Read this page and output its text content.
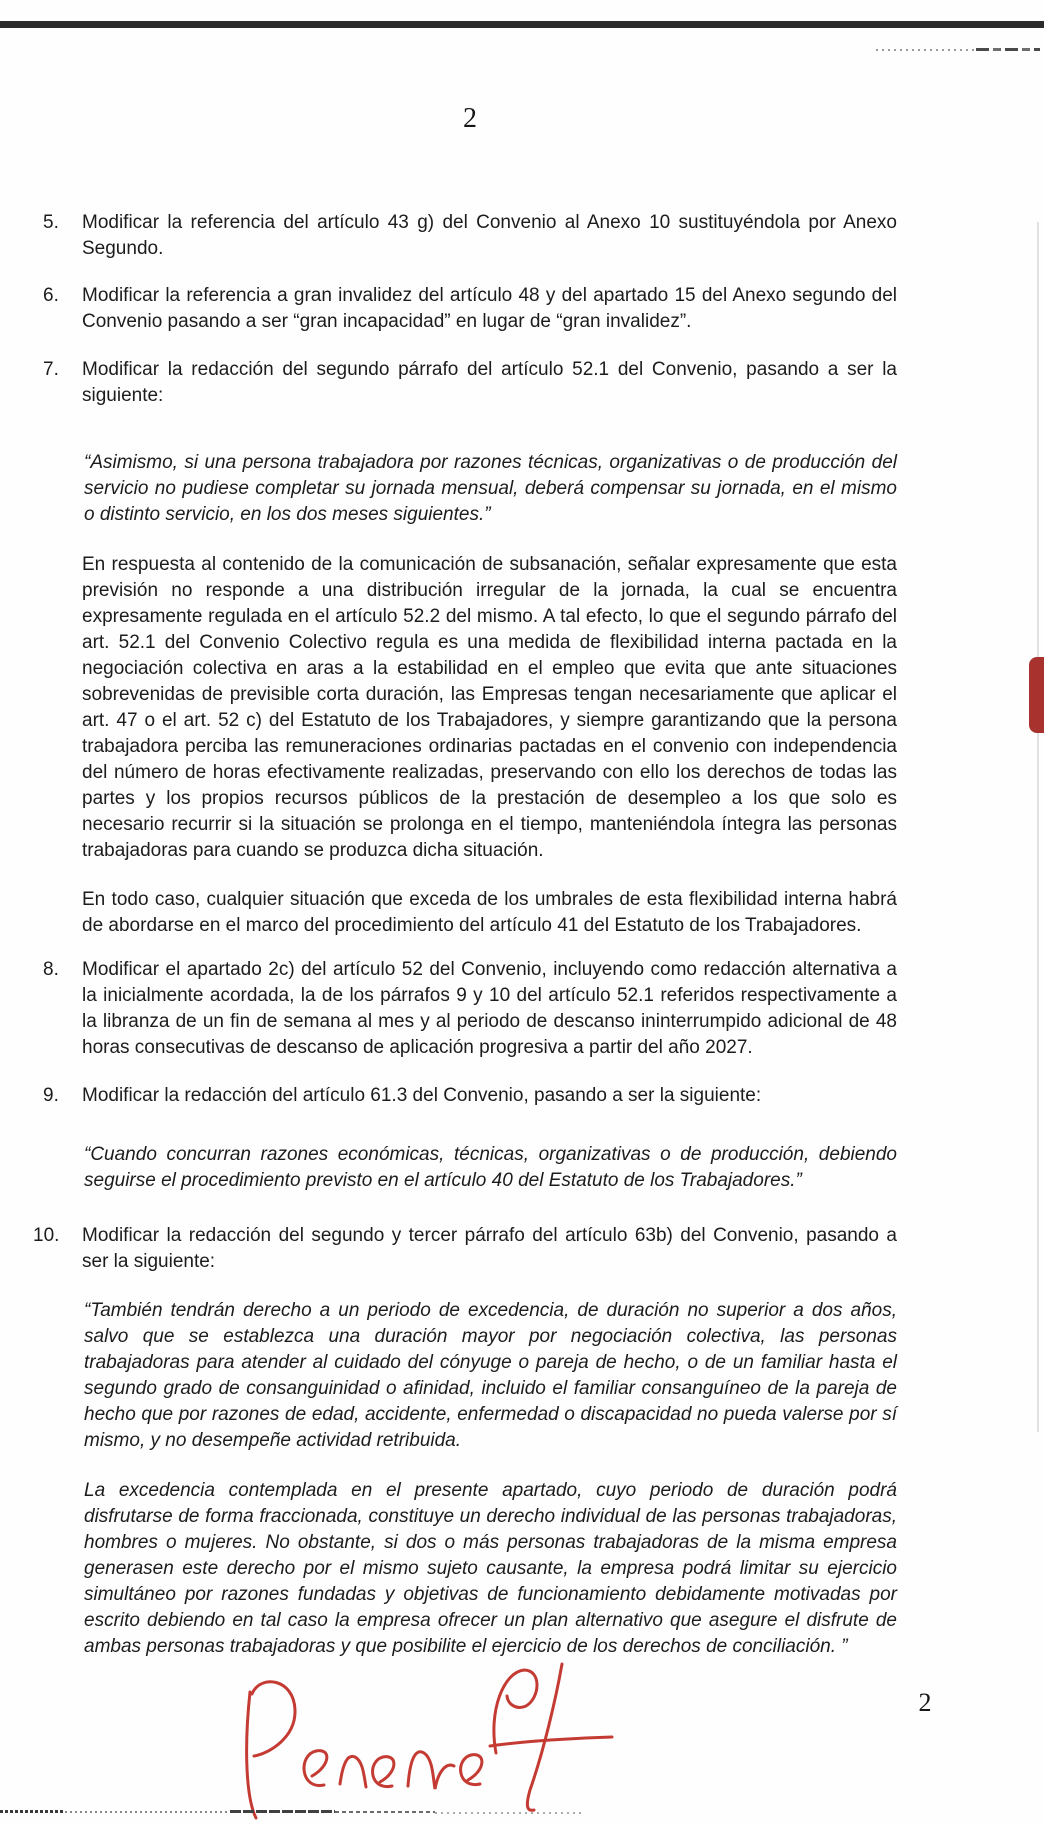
2
5. Modificar la referencia del artículo 43 g) del Convenio al Anexo 10 sustituyéndola por Anexo Segundo.
6. Modificar la referencia a gran invalidez del artículo 48 y del apartado 15 del Anexo segundo del Convenio pasando a ser “gran incapacidad” en lugar de “gran invalidez”.
7. Modificar la redacción del segundo párrafo del artículo 52.1 del Convenio, pasando a ser la siguiente:
“Asimismo, si una persona trabajadora por razones técnicas, organizativas o de producción del servicio no pudiese completar su jornada mensual, deberá compensar su jornada, en el mismo o distinto servicio, en los dos meses siguientes.”
En respuesta al contenido de la comunicación de subsanación, señalar expresamente que esta previsión no responde a una distribución irregular de la jornada, la cual se encuentra expresamente regulada en el artículo 52.2 del mismo. A tal efecto, lo que el segundo párrafo del art. 52.1 del Convenio Colectivo regula es una medida de flexibilidad interna pactada en la negociación colectiva en aras a la estabilidad en el empleo que evita que ante situaciones sobrevenidas de previsible corta duración, las Empresas tengan necesariamente que aplicar el art. 47 o el art. 52 c) del Estatuto de los Trabajadores, y siempre garantizando que la persona trabajadora perciba las remuneraciones ordinarias pactadas en el convenio con independencia del número de horas efectivamente realizadas, preservando con ello los derechos de todas las partes y los propios recursos públicos de la prestación de desempleo a los que solo es necesario recurrir si la situación se prolonga en el tiempo, manteniéndola íntegra las personas trabajadoras para cuando se produzca dicha situación.
En todo caso, cualquier situación que exceda de los umbrales de esta flexibilidad interna habrá de abordarse en el marco del procedimiento del artículo 41 del Estatuto de los Trabajadores.
8. Modificar el apartado 2c) del artículo 52 del Convenio, incluyendo como redacción alternativa a la inicialmente acordada, la de los párrafos 9 y 10 del artículo 52.1 referidos respectivamente a la libranza de un fin de semana al mes y al periodo de descanso ininterrumpido adicional de 48 horas consecutivas de descanso de aplicación progresiva a partir del año 2027.
9. Modificar la redacción del artículo 61.3 del Convenio, pasando a ser la siguiente:
“Cuando concurran razones económicas, técnicas, organizativas o de producción, debiendo seguirse el procedimiento previsto en el artículo 40 del Estatuto de los Trabajadores.”
10. Modificar la redacción del segundo y tercer párrafo del artículo 63b) del Convenio, pasando a ser la siguiente:
“También tendrán derecho a un periodo de excedencia, de duración no superior a dos años, salvo que se establezca una duración mayor por negociación colectiva, las personas trabajadoras para atender al cuidado del cónyuge o pareja de hecho, o de un familiar hasta el segundo grado de consanguinidad o afinidad, incluido el familiar consanguíneo de la pareja de hecho que por razones de edad, accidente, enfermedad o discapacidad no pueda valerse por sí mismo, y no desempeñe actividad retribuida.
La excedencia contemplada en el presente apartado, cuyo periodo de duración podrá disfrutarse de forma fraccionada, constituye un derecho individual de las personas trabajadoras, hombres o mujeres. No obstante, si dos o más personas trabajadoras de la misma empresa generasen este derecho por el mismo sujeto causante, la empresa podrá limitar su ejercicio simultáneo por razones fundadas y objetivas de funcionamiento debidamente motivadas por escrito debiendo en tal caso la empresa ofrecer un plan alternativo que asegure el disfrute de ambas personas trabajadoras y que posibilite el ejercicio de los derechos de conciliación. ”
2
